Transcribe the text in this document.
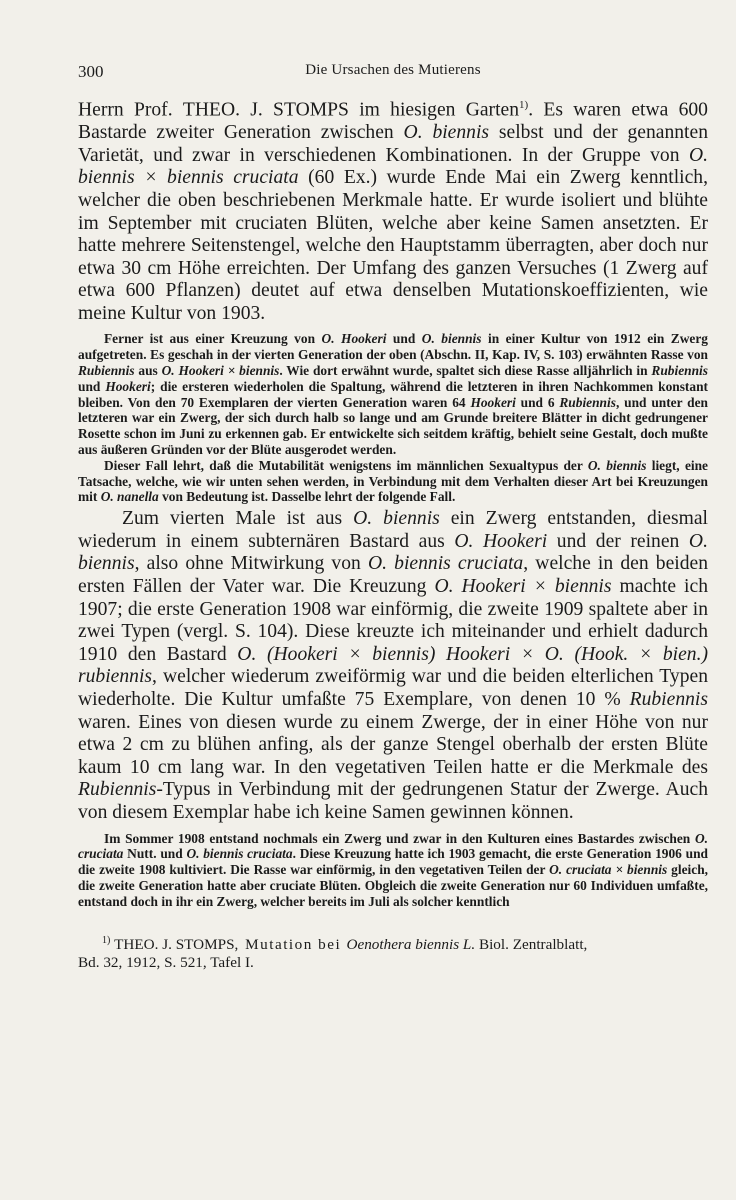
300	Die Ursachen des Mutierens

Herrn Prof. THEO. J. STOMPS im hiesigen Garten$^{1)}$. Es waren etwa 600 Bastarde zweiter Generation zwischen O. biennis selbst und der genannten Varietät, und zwar in verschiedenen Kombinationen. In der Gruppe von O. biennis × biennis cruciata (60 Ex.) wurde Ende Mai ein Zwerg kenntlich, welcher die oben beschriebenen Merkmale hatte. Er wurde isoliert und blühte im September mit cruciaten Blüten, welche aber keine Samen ansetzten. Er hatte mehrere Seitenstengel, welche den Hauptstamm überragten, aber doch nur etwa 30 cm Höhe erreichten. Der Umfang des ganzen Versuches (1 Zwerg auf etwa 600 Pflanzen) deutet auf etwa denselben Mutationskoeffizienten, wie meine Kultur von 1903.

Ferner ist aus einer Kreuzung von O. Hookeri und O. biennis in einer Kultur von 1912 ein Zwerg aufgetreten. Es geschah in der vierten Generation der oben (Abschn. II, Kap. IV, S. 103) erwähnten Rasse von Rubiennis aus O. Hookeri × biennis. Wie dort erwähnt wurde, spaltet sich diese Rasse alljährlich in Rubiennis und Hookeri; die ersteren wiederholen die Spaltung, während die letzteren in ihren Nachkommen konstant bleiben. Von den 70 Exemplaren der vierten Generation waren 64 Hookeri und 6 Rubiennis, und unter den letzteren war ein Zwerg, der sich durch halb so lange und am Grunde breitere Blätter in dicht gedrungener Rosette schon im Juni zu erkennen gab. Er entwickelte sich seitdem kräftig, behielt seine Gestalt, doch mußte aus äußeren Gründen vor der Blüte ausgerodet werden.

Dieser Fall lehrt, daß die Mutabilität wenigstens im männlichen Sexualtypus der O. biennis liegt, eine Tatsache, welche, wie wir unten sehen werden, in Verbindung mit dem Verhalten dieser Art bei Kreuzungen mit O. nanella von Bedeutung ist. Dasselbe lehrt der folgende Fall.

Zum vierten Male ist aus O. biennis ein Zwerg entstanden, diesmal wiederum in einem subternären Bastard aus O. Hookeri und der reinen O. biennis, also ohne Mitwirkung von O. biennis cruciata, welche in den beiden ersten Fällen der Vater war. Die Kreuzung O. Hookeri × biennis machte ich 1907; die erste Generation 1908 war einförmig, die zweite 1909 spaltete aber in zwei Typen (vergl. S. 104). Diese kreuzte ich miteinander und erhielt dadurch 1910 den Bastard O. (Hookeri × biennis) Hookeri × O. (Hook. × bien.) rubiennis, welcher wiederum zweiförmig war und die beiden elterlichen Typen wiederholte. Die Kultur umfaßte 75 Exemplare, von denen 10 % Rubiennis waren. Eines von diesen wurde zu einem Zwerge, der in einer Höhe von nur etwa 2 cm zu blühen anfing, als der ganze Stengel oberhalb der ersten Blüte kaum 10 cm lang war. In den vegetativen Teilen hatte er die Merkmale des Rubiennis-Typus in Verbindung mit der gedrungenen Statur der Zwerge. Auch von diesem Exemplar habe ich keine Samen gewinnen können.

Im Sommer 1908 entstand nochmals ein Zwerg und zwar in den Kulturen eines Bastardes zwischen O. cruciata Nutt. und O. biennis cruciata. Diese Kreuzung hatte ich 1903 gemacht, die erste Generation 1906 und die zweite 1908 kultiviert. Die Rasse war einförmig, in den vegetativen Teilen der O. cruciata × biennis gleich, die zweite Generation hatte aber cruciate Blüten. Obgleich die zweite Generation nur 60 Individuen umfaßte, entstand doch in ihr ein Zwerg, welcher bereits im Juli als solcher kenntlich

$^{1)}$ THEO. J. STOMPS, Mutation bei Oenothera biennis L. Biol. Zentralblatt,
Bd. 32, 1912, S. 521, Tafel I.
